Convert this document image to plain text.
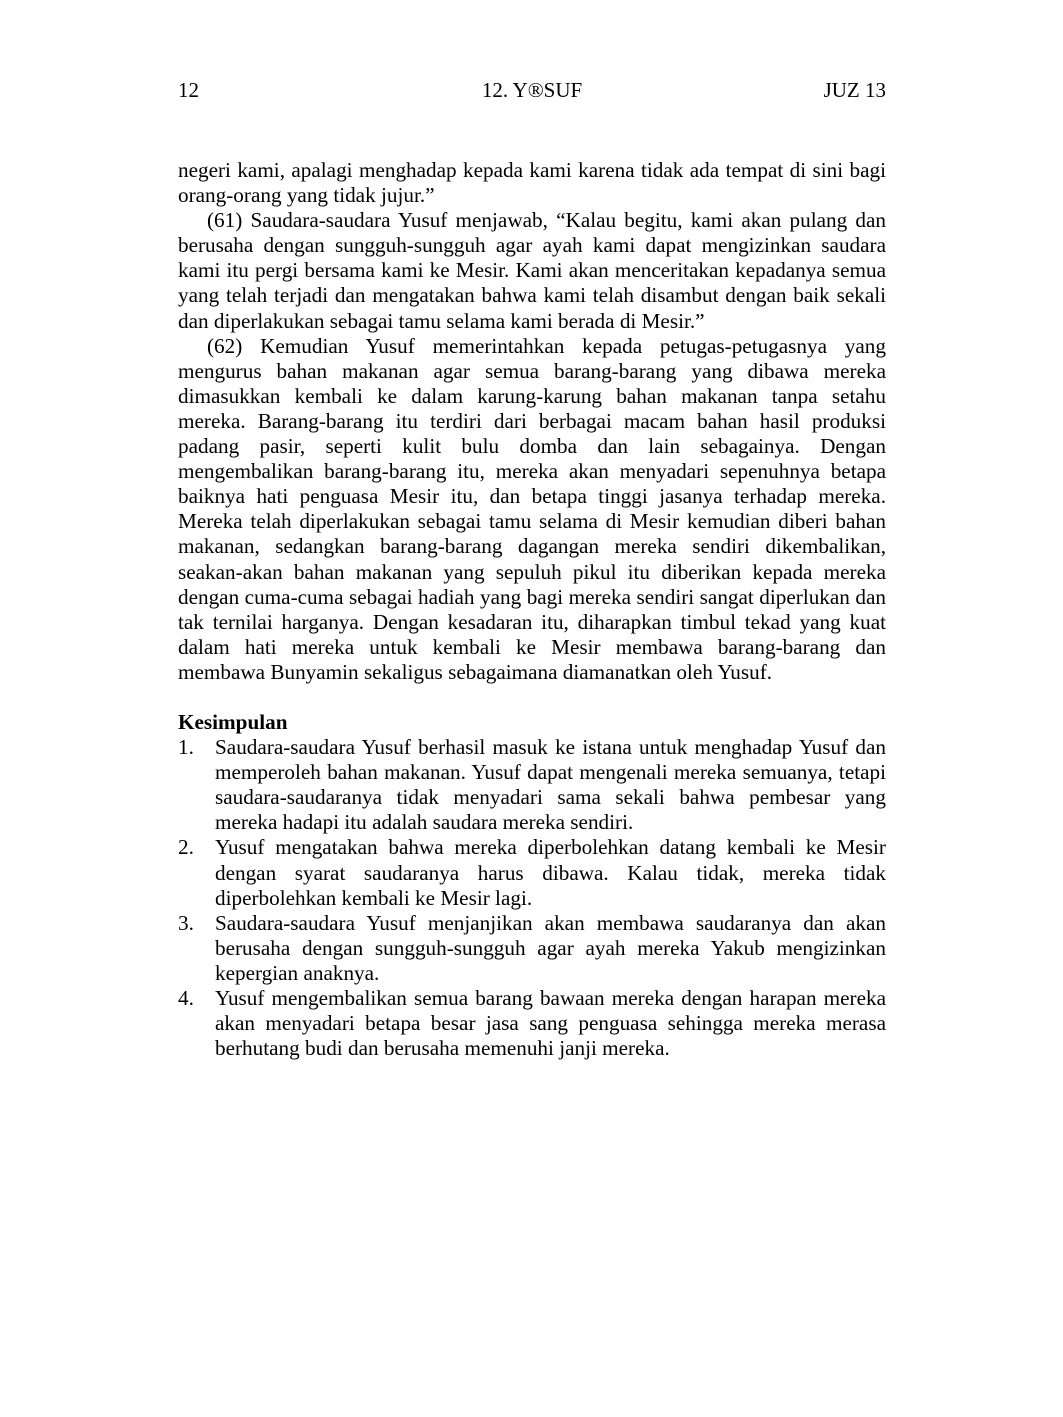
12	12. Y®SUF	JUZ 13

negeri kami, apalagi menghadap kepada kami karena tidak ada tempat di sini bagi orang-orang yang tidak jujur.”

(61) Saudara-saudara Yusuf menjawab, “Kalau begitu, kami akan pulang dan berusaha dengan sungguh-sungguh agar ayah kami dapat mengizinkan saudara kami itu pergi bersama kami ke Mesir. Kami akan menceritakan kepadanya semua yang telah terjadi dan mengatakan bahwa kami telah disambut dengan baik sekali dan diperlakukan sebagai tamu selama kami berada di Mesir.”

(62) Kemudian Yusuf memerintahkan kepada petugas-petugasnya yang mengurus bahan makanan agar semua barang-barang yang dibawa mereka dimasukkan kembali ke dalam karung-karung bahan makanan tanpa setahu mereka. Barang-barang itu terdiri dari berbagai macam bahan hasil produksi padang pasir, seperti kulit bulu domba dan lain sebagainya. Dengan mengembalikan barang-barang itu, mereka akan menyadari sepenuhnya betapa baiknya hati penguasa Mesir itu, dan betapa tinggi jasanya terhadap mereka. Mereka telah diperlakukan sebagai tamu selama di Mesir kemudian diberi bahan makanan, sedangkan barang-barang dagangan mereka sendiri dikembalikan, seakan-akan bahan makanan yang sepuluh pikul itu diberikan kepada mereka dengan cuma-cuma sebagai hadiah yang bagi mereka sendiri sangat diperlukan dan tak ternilai harganya. Dengan kesadaran itu, diharapkan timbul tekad yang kuat dalam hati mereka untuk kembali ke Mesir membawa barang-barang dan membawa Bunyamin sekaligus sebagaimana diamanatkan oleh Yusuf.

Kesimpulan

1. Saudara-saudara Yusuf berhasil masuk ke istana untuk menghadap Yusuf dan memperoleh bahan makanan. Yusuf dapat mengenali mereka semuanya, tetapi saudara-saudaranya tidak menyadari sama sekali bahwa pembesar yang mereka hadapi itu adalah saudara mereka sendiri.
2. Yusuf mengatakan bahwa mereka diperbolehkan datang kembali ke Mesir dengan syarat saudaranya harus dibawa. Kalau tidak, mereka tidak diperbolehkan kembali ke Mesir lagi.
3. Saudara-saudara Yusuf menjanjikan akan membawa saudaranya dan akan berusaha dengan sungguh-sungguh agar ayah mereka Yakub mengizinkan kepergian anaknya.
4. Yusuf mengembalikan semua barang bawaan mereka dengan harapan mereka akan menyadari betapa besar jasa sang penguasa sehingga mereka merasa berhutang budi dan berusaha memenuhi janji mereka.
